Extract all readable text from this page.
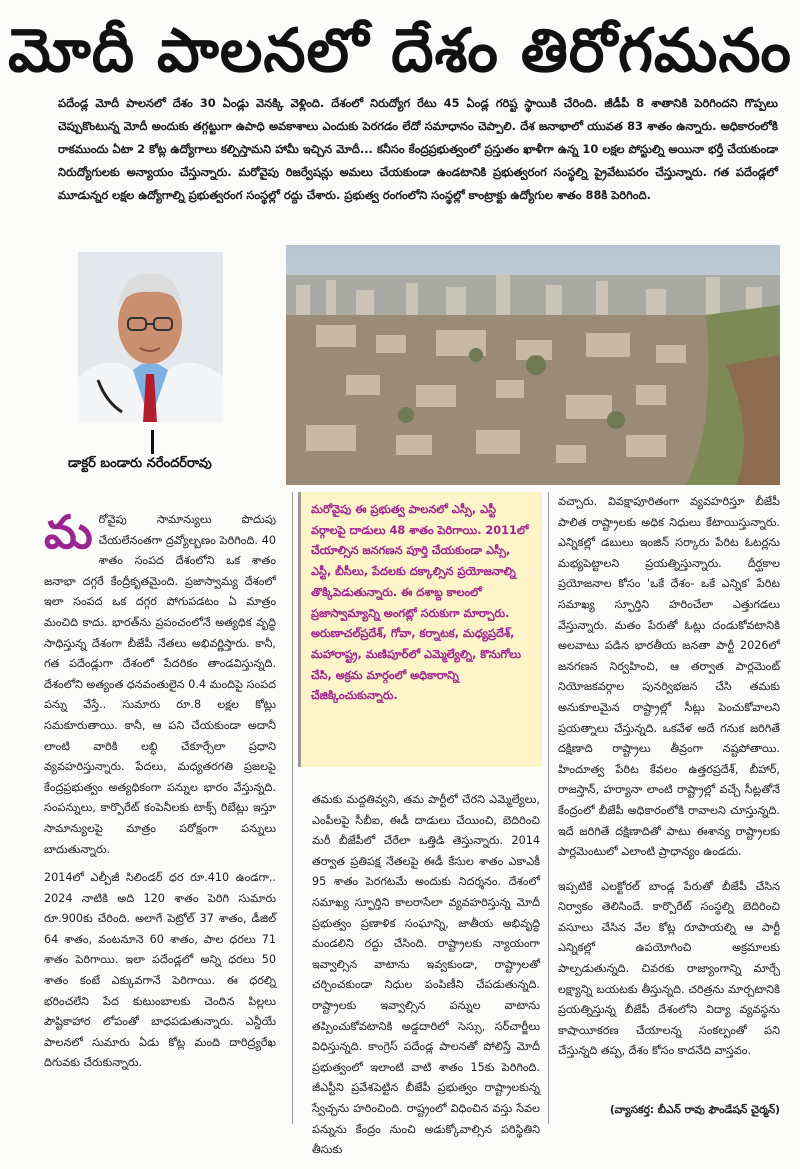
మోదీ పాలనలో దేశం తిరోగమనం
పదేండ్ల మోదీ పాలనలో దేశం 30 ఏండ్లు వెనక్కి వెళ్లింది. దేశంలో నిరుద్యోగ రేటు 45 ఏండ్ల గరిష్ట స్థాయికి చేరింది. జీడీపీ 8 శాతానికి పెరిగిందని గొప్పలు చెప్పుకొంటున్న మోదీ అందుకు తగ్గట్టుగా ఉపాధి అవకాశాలు ఎందుకు పెరగడం లేదో సమాధానం చెప్పాలి. దేశ జనాభాలో యువత 83 శాతం ఉన్నారు. అధికారంలోకి రాకముందు ఏటా 2 కోట్ల ఉద్యోగాలు కల్పిస్తామని హామీ ఇచ్చిన మోదీ... కనీసం కేంద్రప్రభుత్వంలో ప్రస్తుతం ఖాళీగా ఉన్న 10 లక్షల పోస్టుల్ని అయినా భర్తీ చేయకుండా నిరుద్యోగులకు అన్యాయం చేస్తున్నారు. మరోవైపు రిజర్వేషన్లు అమలు చేయకుండా ఉండటానికి ప్రభుత్వరంగ సంస్థల్ని ప్రైవేటుపరం చేస్తున్నారు. గత పదేండ్లలో మూడున్నర లక్షల ఉద్యోగాల్ని ప్రభుత్వరంగ సంస్థల్లో రద్దు చేశారు. ప్రభుత్వ రంగంలోని సంస్థల్లో కాంట్రాక్టు ఉద్యోగుల శాతం 88కి పెరిగింది.
డాక్టర్ బండారు నరేందర్‌రావు
మరోవైపు ఈ ప్రభుత్వ పాలనలో ఎస్సీ, ఎస్టీ వర్గాలపై దాడులు 48 శాతం పెరిగాయి. 2011లో చేయాల్సిన జనగణన పూర్తి చేయకుండా ఎస్సీ, ఎస్టీ, బీసీలు, పేదలకు దక్కాల్సిన ప్రయోజనాల్ని తొక్కిపెడుతున్నారు. ఈ దశాబ్ద కాలంలో ప్రజాస్వామ్యాన్ని అంగట్లో సరుకుగా మార్చారు. అరుణాచల్‌ప్రదేశ్, గోవా, కర్నాటక, మధ్యప్రదేశ్, మహారాష్ట్ర, మణిపూర్‌లో ఎమ్మెల్యేల్ని, కొనుగోలు చేసి, అక్రమ మార్గంలో అధికారాన్ని చేజిక్కించుకున్నారు.

మరోవైపు సామాన్యులు పొదుపు చేయలేనంతగా ద్రవ్యోల్బణం పెరిగింది. 40 శాతం సంపద దేశంలోని ఒక శాతం జనాభా దగ్గరే కేంద్రీకృతమైంది. ప్రజాస్వామ్య దేశంలో ఇలా సంపద ఒక దగ్గర పోగుపడటం ఏ మాత్రం మంచిది కాదు. భారత్‌ను ప్రపంచంలోనే అత్యధిక వృద్ధి సాధిస్తున్న దేశంగా బీజేపీ నేతలు అభివర్ణిస్తారు. కానీ, గత పదేండ్లుగా దేశంలో పేదరికం తాండవిస్తున్నది. దేశంలోని అత్యంత ధనవంతులైన 0.4 మందిపై సంపద పన్ను వేస్తే.. సుమారు రూ.8 లక్షల కోట్లు సమకూరుతాయి. కానీ, ఆ పని చేయకుండా అదానీ లాంటి వారికి లబ్ధి చేకూర్చేలా ప్రధాని వ్యవహరిస్తున్నారు. పేదలు, మధ్యతరగతి ప్రజలపై కేంద్రప్రభుత్వం అత్యధికంగా పన్నుల భారం వేస్తున్నది. సంపన్నులు, కార్పొరేట్ కంపెనీలకు టాక్స్ రిబేట్లు ఇస్తూ సామాన్యులపై మాత్రం పరోక్షంగా పన్నులు బాదుతున్నారు.

2014లో ఎల్పీజీ సిలిండర్ ధర రూ.410 ఉండగా.. 2024 నాటికి అది 120 శాతం పెరిగి సుమారు రూ.900కు చేరింది. అలాగే పెట్రోల్ 37 శాతం, డీజిల్ 64 శాతం, వంటనూనె 60 శాతం, పాల ధరలు 71 శాతం పెరిగాయి. ఇలా పదేండ్లలో అన్ని ధరలు 50 శాతం కంటే ఎక్కువగానే పెరిగాయి. ఈ ధరల్ని భరించలేని పేద కుటుంబాలకు చెందిన పిల్లలు పౌష్టికాహార లోపంతో బాధపడుతున్నారు. ఎన్డీయే పాలనలో సుమారు ఏడు కోట్ల మంది దారిద్ర్యరేఖ దిగువకు చేరుకున్నారు.

తమకు మద్దతివ్వని, తమ పార్టీలో చేరని ఎమ్మెల్యేలు, ఎంపీలపై సీబీఐ, ఈడీ దాడులు చేయించి, బెదిరించి మరీ బీజేపీలో చేరేలా ఒత్తిడి తెస్తున్నారు. 2014 తర్వాత ప్రతిపక్ష నేతలపై ఈడీ కేసుల శాతం ఎకాఎకీ 95 శాతం పెరగటమే అందుకు నిదర్శనం. దేశంలో సమాఖ్య స్ఫూర్తిని కాలరాసేలా వ్యవహరిస్తున్న మోదీ ప్రభుత్వం ప్రణాళిక సంఘాన్ని, జాతీయ అభివృద్ధి మండలిని రద్దు చేసింది. రాష్ట్రాలకు న్యాయంగా ఇవ్వాల్సిన వాటాను ఇవ్వకుండా, రాష్ట్రాలతో చర్చించకుండా నిధుల పంపిణీని చేపడుతున్నది. రాష్ట్రాలకు ఇవ్వాల్సిన పన్నుల వాటాను తప్పించుకోవటానికి అడ్డదారిలో సెస్సు, సర్‌చార్జీలు విధిస్తున్నది. కాంగ్రెస్ పదేండ్ల పాలనతో పోలిస్తే మోదీ ప్రభుత్వంలో ఇలాంటి వాటి శాతం 15కు పెరిగింది. జీఎస్టీని ప్రవేశపెట్టిన బీజేపీ ప్రభుత్వం రాష్ట్రాలకున్న స్వేచ్ఛను హరించింది. రాష్ట్రంలో విధించిన వస్తు సేవల పన్నును కేంద్రం నుంచి అడుక్కోవాల్సిన పరిస్థితిని తీసుకు

వచ్చారు. వివక్షాపూరితంగా వ్యవహరిస్తూ బీజేపీ పాలిత రాష్ట్రాలకు అధిక నిధులు కేటాయిస్తున్నారు. ఎన్నికల్లో డబులు ఇంజిన్ సర్కారు పేరిట ఓటర్లను మభ్యపెట్టాలని ప్రయత్నిస్తున్నారు. దీర్ఘకాల ప్రయోజనాల కోసం 'ఒకే దేశం- ఒకే ఎన్నిక' పేరిట సమాఖ్య స్ఫూర్తిని హరించేలా ఎత్తుగడలు వేస్తున్నారు. మతం పేరుతో ఓట్లు దండుకోవటానికి అలవాటు పడిన భారతీయ జనతా పార్టీ 2026లో జనగణన నిర్వహించి, ఆ తర్వాత పార్లమెంట్ నియోజకవర్గాల పునర్విభజన చేసి తమకు అనుకూలమైన రాష్ట్రాల్లో సీట్లు పెంచుకోవాలని ప్రయత్నాలు చేస్తున్నది. ఒకవేళ అదే గనుక జరిగితే దక్షిణాది రాష్ట్రాలు తీవ్రంగా నష్టపోతాయి. హిందూత్వ పేరిట కేవలం ఉత్తరప్రదేశ్, బీహార్, రాజస్తాన్, హర్యానా లాంటి రాష్ట్రాల్లో వచ్చే సీట్లతోనే కేంద్రంలో బీజేపీ అధికారంలోకి రావాలని చూస్తున్నది. ఇదే జరిగితే దక్షిణాదితో పాటు ఈశాన్య రాష్ట్రాలకు పార్లమెంటులో ఎలాంటి ప్రాధాన్యం ఉండదు.

ఇప్పటికే ఎలక్టోరల్ బాండ్ల పేరుతో బీజేపీ చేసిన నిర్వాకం తెలిసిందే. కార్పొరేట్ సంస్థల్ని బెదిరించి వసూలు చేసిన వేల కోట్ల రూపాయల్ని ఆ పార్టీ ఎన్నికల్లో ఉపయోగించి అక్రమాలకు పాల్పడుతున్నది. చివరకు రాజ్యాంగాన్ని మార్చే లక్ష్యాన్ని బయటకు తీస్తున్నది. చరిత్రను మార్చటానికి ప్రయత్నిస్తున్న బీజేపీ దేశంలోని విద్యా వ్యవస్థను కాషాయీకరణ చేయాలన్న సంకల్పంతో పని చేస్తున్నది తప్ప, దేశం కోసం కాదనేది వాస్తవం.

(వ్యాసకర్త: బీఎన్ రావు ఫౌండేషన్ చైర్మన్)
